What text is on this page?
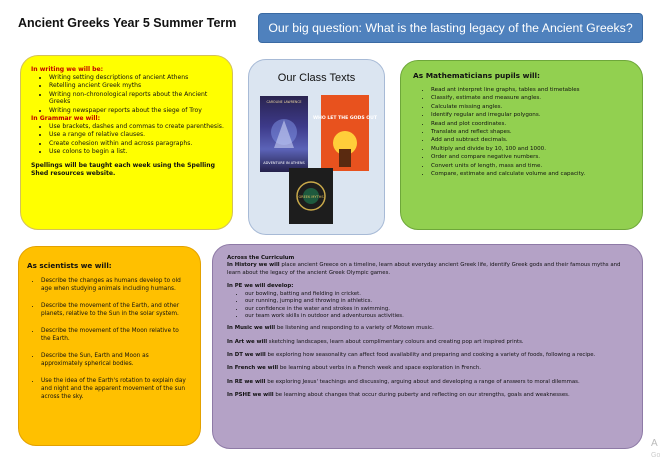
Ancient Greeks Year 5 Summer Term	Our big question: What is the lasting legacy of the Ancient Greeks?
In writing we will be:
• Writing setting descriptions of ancient Athens
• Retelling ancient Greek myths
• Writing non-chronological reports about the Ancient Greeks
• Writing newspaper reports about the siege of Troy
In Grammar we will:
• Use brackets, dashes and commas to create parenthesis.
• Use a range of relative clauses.
• Create cohesion within and across paragraphs.
• Use colons to begin a list.
Spellings will be taught each week using the Spelling Shed resources website.
Our Class Texts
CAROLINE LAWRENCE
ADVENTURE IN ATHENS
WHO LET THE GODS OUT
GREEK MYTHS
As Mathematicians pupils will:
• Read ant interpret line graphs, tables and timetables
• Classify, estimate and measure angles.
• Calculate missing angles.
• Identify regular and irregular polygons.
• Read and plot coordinates.
• Translate and reflect shapes.
• Add and subtract decimals.
• Multiply and divide by 10, 100 and 1000.
• Order and compare negative numbers.
• Convert units of length, mass and time.
• Compare, estimate and calculate volume and capacity.
As scientists we will:
• Describe the changes as humans develop to old age when studying animals including humans.
• Describe the movement of the Earth, and other planets, relative to the Sun in the solar system.
• Describe the movement of the Moon relative to the Earth.
• Describe the Sun, Earth and Moon as approximately spherical bodies.
• Use the idea of the Earth's rotation to explain day and night and the apparent movement of the sun across the sky.
Across the Curriculum

In History we will place ancient Greece on a timeline, learn about everyday ancient Greek life, identify Greek gods and their famous myths and learn about the legacy of the ancient Greek Olympic games.

In PE we will develop:
• our bowling, batting and fielding in cricket.
• our running, jumping and throwing in athletics.
• our confidence in the water and strokes in swimming.
• our team work skills in outdoor and adventurous activities.

In Music we will be listening and responding to a variety of Motown music.

In Art we will sketching landscapes, learn about complimentary colours and creating pop art inspired prints.

In DT we will be exploring how seasonality can affect food availability and preparing and cooking a variety of foods, following a recipe.

In French we will be learning about verbs in a French week and space exploration in French.

In RE we will be exploring Jesus' teachings and discussing, arguing about and developing a range of answers to moral dilemmas.

In PSHE we will be learning about changes that occur during puberty and reflecting on our strengths, goals and weaknesses.

A
Go
